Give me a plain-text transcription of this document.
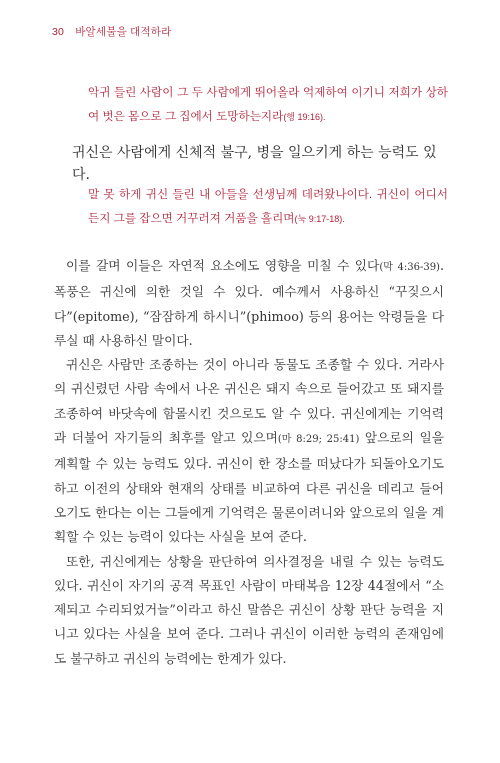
30 바알세불을 대적하라
악귀 들린 사람이 그 두 사람에게 뛰어올라 억제하여 이기니 저희가 상하여 벗은 몸으로 그 집에서 도망하는지라(행 19:16).
귀신은 사람에게 신체적 불구, 병을 일으키게 하는 능력도 있다.
말 못 하게 귀신 들린 내 아들을 선생님께 데려왔나이다. 귀신이 어디서든지 그를 잡으면 거꾸러져 거품을 흘리며(눅 9:17-18).

이를 갈며 이들은 자연적 요소에도 영향을 미칠 수 있다(막 4:36-39). 폭풍은 귀신에 의한 것일 수 있다. 예수께서 사용하신 “꾸짖으시다”(epitome), “잠잠하게 하시니”(phimoo) 등의 용어는 악령들을 다루실 때 사용하신 말이다.

귀신은 사람만 조종하는 것이 아니라 동물도 조종할 수 있다. 거라사의 귀신렸던 사람 속에서 나온 귀신은 돼지 속으로 들어갔고 또 돼지를 조종하여 바닷속에 함몰시킨 것으로도 알 수 있다. 귀신에게는 기억력과 더불어 자기들의 최후를 알고 있으며(마 8:29; 25:41) 앞으로의 일을 계획할 수 있는 능력도 있다. 귀신이 한 장소를 떠났다가 되돌아오기도 하고 이전의 상태와 현재의 상태를 비교하여 다른 귀신을 데리고 들어오기도 한다는 이는 그들에게 기억력은 물론이려니와 앞으로의 일을 계획할 수 있는 능력이 있다는 사실을 보여 준다.

또한, 귀신에게는 상황을 판단하여 의사결정을 내릴 수 있는 능력도 있다. 귀신이 자기의 공격 목표인 사람이 마태복음 12장 44절에서 “소제되고 수리되었거늘”이라고 하신 말씀은 귀신이 상황 판단 능력을 지니고 있다는 사실을 보여 준다. 그러나 귀신이 이러한 능력의 존재임에도 불구하고 귀신의 능력에는 한계가 있다.
